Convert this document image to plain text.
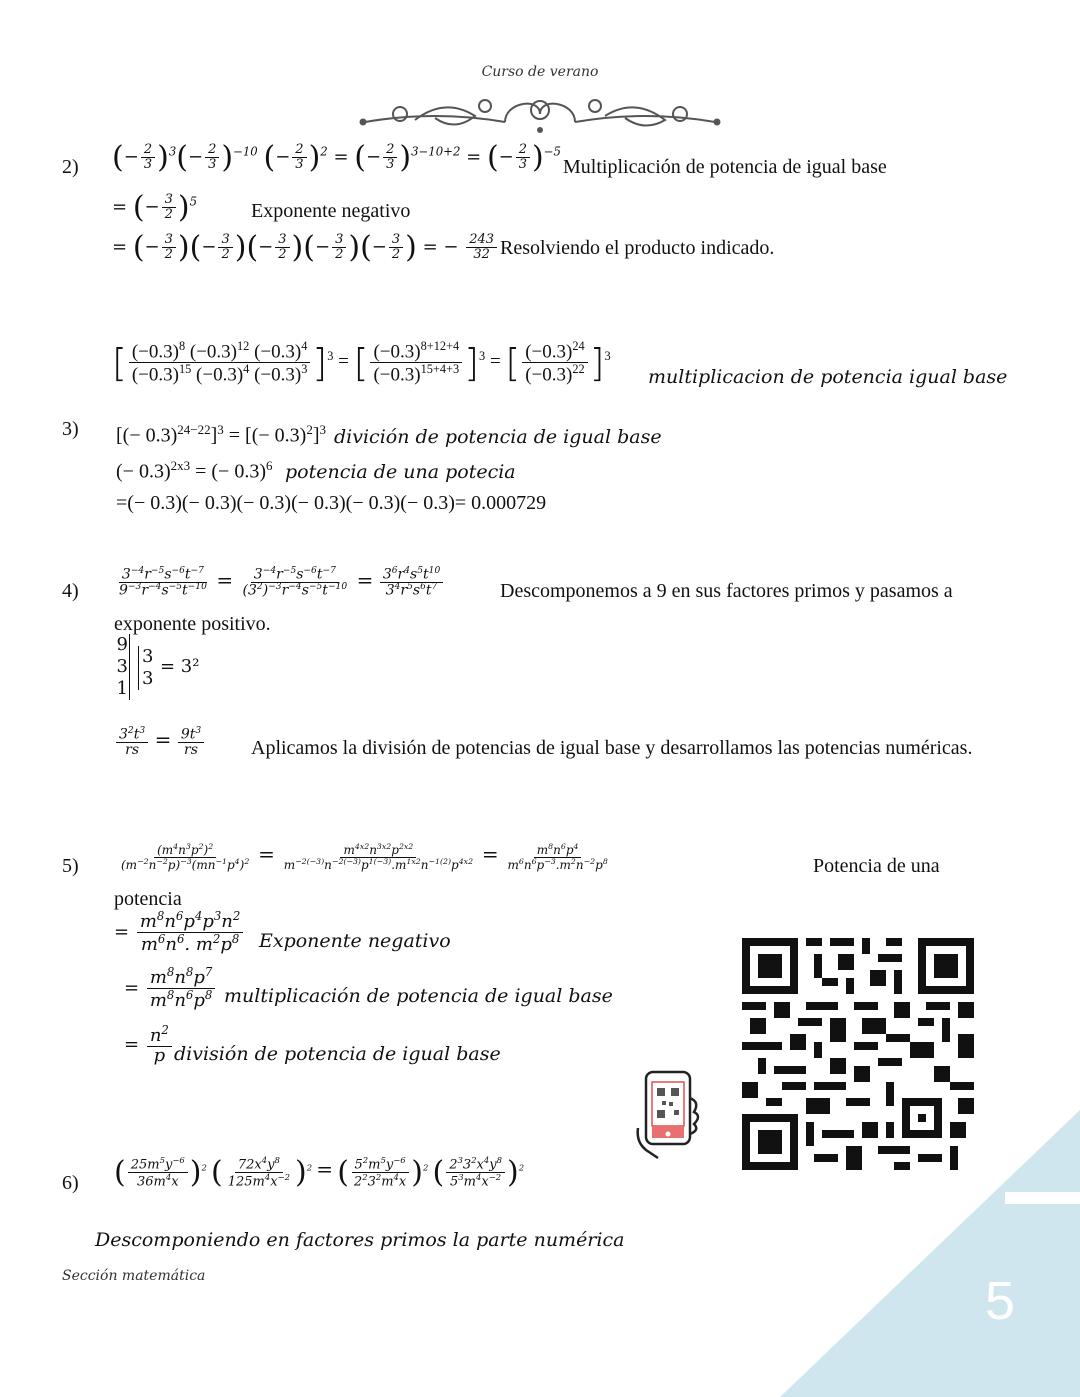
Curso de verano
2) (− $\frac{2}{3} )^3(- \frac{2}{3} )^{-10}$ (− $\frac{2}{3} )^2$ = (− $\frac{2}{3} )^{3-10+2}$ = (− $\frac{2}{3} )^{-5}$
Multiplicación de potencia de igual base
= (− $\frac{3}{2} )^5$	Exponente negativo
= (− $\frac{3}{2}$ )(− $\frac{3}{2}$ )(− $\frac{3}{2}$ )(− $\frac{3}{2}$ )(− $\frac{3}{2}$ ) = − $\frac{243}{32}$ Resolviendo el producto indicado.
3)
[ $\frac{(-0.3)^8 (-0.3)^{12} (-0.3)^4}{(-0.3)^{15} (-0.3)^4 (-0.3)^3} ]^3$ = [ $\frac{(-0.3)^{8+12+4}}{(-0.3)^{15+4+3}} ]^3$ = [ $\frac{(-0.3)^{24}}{(-0.3)^{22}} ]^3$
multiplicacion de potencia igual base
[(− 0.3)$^{24-22}$]$^3$ = [(− 0.3)$^2$]$^3$ divición de potencia de igual base
(− 0.3)$^{2x3}$ = (− 0.3)$^6$ potencia de una potecia
=(− 0.3)(− 0.3)(− 0.3)(− 0.3)(− 0.3)(− 0.3)= 0.000729
4)	$\frac{3^{-4}r^{-5}s^{-6}t^{-7}}{9^{-3}r^{-4}s^{-5}t^{-10}} = \frac{3^{-4}r^{-5}s^{-6}t^{-7}}{(3^2)^{-3}r^{-4}s^{-5}t^{-10}} = \frac{3^6r^4s^5t^{10}}{3^4r^5s^6t^7}$	Descomponemos a 9 en sus factores primos y pasamos a
exponente positivo.
9
3
1
3
3
= 3²
$\frac{3^2t^3}{rs} = \frac{9t^3}{rs}$ Aplicamos la división de potencias de igual base y desarrollamos las potencias numéricas.
5)	$\frac{(m^4n^3p^2)^2}{(m^{-2}n^{-2}p)^{-3}(mn^{-1}p^4)^2} = \frac{m^{4x2}n^{3x2}p^{2x2}}{m^{-2(-3)}n^{-2(-3)}p^{1(-3)}.m^{1x2}n^{-1(2)}p^{4x2}} = \frac{m^8n^6p^4}{m^6n^6p^{-3}.m^2n^{-2}p^8}$	Potencia de una
potencia
= $\frac{m^8n^6p^4p^3n^2}{m^6n^6. m^2p^8}$ Exponente negativo
= $\frac{m^8n^8p^7}{m^8n^6p^8}$ multiplicación de potencia de igual base
= $\frac{n^2}{p}$ división de potencia de igual base
6) ( $\frac{25m^5y^{-6}}{36m^4x} )^2$ ( $\frac{72x^4y^8}{125m^4x^{-2}} )^2$ = ( $\frac{5^2m^5y^{-6}}{2^23^2m^4x} )^2$ ( $\frac{2^33^2x^4y^8}{5^3m^4x^{-2}} )^2$
Descomponiendo en factores primos la parte numérica
Sección matemática	5
